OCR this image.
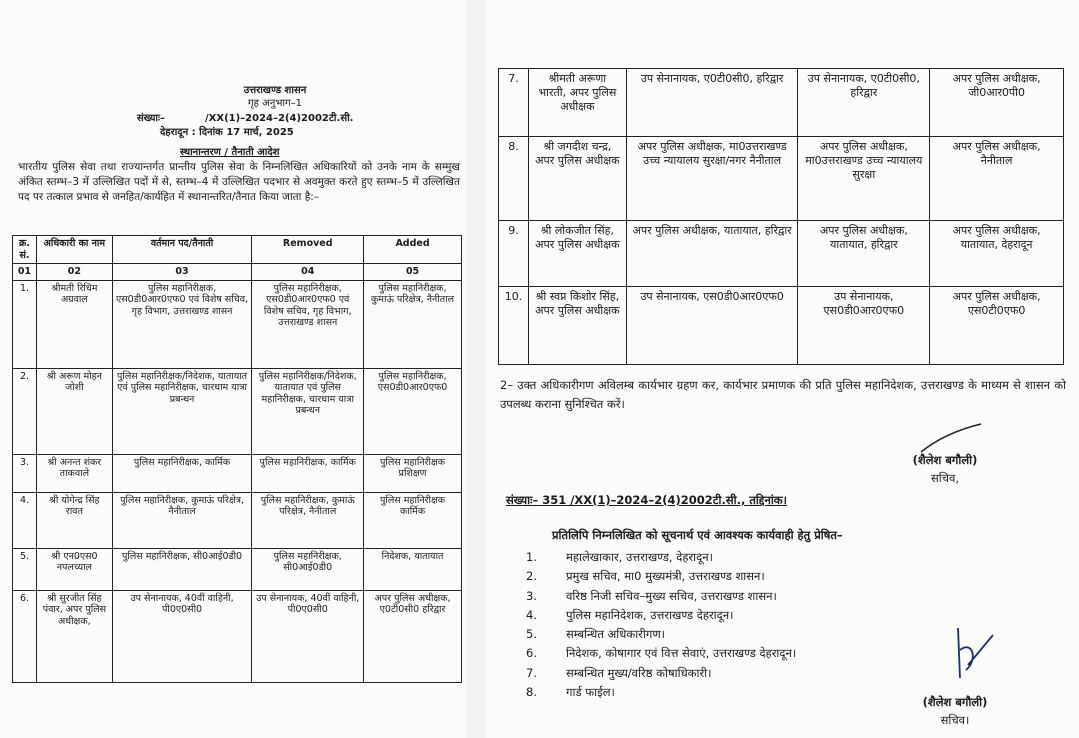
उत्तराखण्ड शासन
गृह अनुभाग–1
संख्याः–	/XX(1)–2024–2(4)2002टी.सी.
देहरादून : दिनांक 17 मार्च, 2025
स्थानान्तरण / तैनाती आदेश
भारतीय पुलिस सेवा तथा राज्यान्तर्गत प्रान्तीय पुलिस सेवा के निम्नलिखित अधिकारियों को उनके नाम के सम्मुख अंकित स्तम्भ–3 में उल्लिखित पदों में से, स्तम्भ–4 में उल्लिखित पदभार से अवमुक्त करते हुए स्तम्भ–5 में उल्लिखित पद पर तत्काल प्रभाव से जनहित/कार्यहित में स्थानान्तरित/तैनात किया जाता है:–
क्र. सं.	अधिकारी का नाम	वर्तमान पद/तैनाती	Removed	Added
01	02	03	04	05
1.	श्रीमती रिधिम अग्रवाल	पुलिस महानिरीक्षक, एस0डी0आर0एफ0 एवं विशेष सचिव, गृह विभाग, उत्तराखण्ड शासन	पुलिस महानिरीक्षक, एस0डी0आर0एफ0 एवं विशेष सचिव, गृह विभाग, उत्तराखण्ड शासन	पुलिस महानिरीक्षक, कुमाऊं परिक्षेत्र, नैनीताल
2.	श्री अरूण मोहन जोशी	पुलिस महानिरीक्षक/निदेशक, यातायात एवं पुलिस महानिरीक्षक, चारधाम यात्रा प्रबन्धन	पुलिस महानिरीक्षक/निदेशक, यातायात एवं पुलिस महानिरीक्षक, चारधाम यात्रा प्रबन्धन	पुलिस महानिरीक्षक, एस0डी0आर0एफ0
3.	श्री अनन्त शंकर ताकवाले	पुलिस महानिरीक्षक, कार्मिक	पुलिस महानिरीक्षक, कार्मिक	पुलिस महानिरीक्षक प्रशिक्षण
4.	श्री योगेन्द्र सिंह रावत	पुलिस महानिरीक्षक, कुमाऊं परिक्षेत्र, नैनीताल	पुलिस महानिरीक्षक, कुमाऊं परिक्षेत्र, नैनीताल	पुलिस महानिरीक्षक कार्मिक
5.	श्री एन0एस0 नपलच्याल	पुलिस महानिरीक्षक, सी0आई0डी0	पुलिस महानिरीक्षक, सी0आई0डी0	निदेशक, यातायात
6.	श्री सुरजीत सिंह पंवार, अपर पुलिस अधीक्षक,	उप सेनानायक, 40वीं वाहिनी, पी0ए0सी0	उप सेनानायक, 40वीं वाहिनी, पी0ए0सी0	अपर पुलिस अधीक्षक, ए0टी0सी0 हरिद्वार
7.	श्रीमती अरूणा भारती, अपर पुलिस अधीक्षक	उप सेनानायक, ए0टी0सी0, हरिद्वार	उप सेनानायक, ए0टी0सी0, हरिद्वार	अपर पुलिस अधीक्षक, जी0आर0पी0
8.	श्री जगदीश चन्द्र, अपर पुलिस अधीक्षक	अपर पुलिस अधीक्षक, मा0उत्तराखण्ड उच्च न्यायालय सुरक्षा/नगर नैनीताल	अपर पुलिस अधीक्षक, मा0उत्तराखण्ड उच्च न्यायालय सुरक्षा	अपर पुलिस अधीक्षक, नैनीताल
9.	श्री लोकजीत सिंह, अपर पुलिस अधीक्षक	अपर पुलिस अधीक्षक, यातायात, हरिद्वार	अपर पुलिस अधीक्षक, यातायात, हरिद्वार	अपर पुलिस अधीक्षक, यातायात, देहरादून
10.	श्री स्वप्न किशोर सिंह, अपर पुलिस अधीक्षक	उप सेनानायक, एस0डी0आर0एफ0	उप सेनानायक, एस0डी0आर0एफ0	अपर पुलिस अधीक्षक, एस0टी0एफ0
2– उक्त अधिकारीगण अविलम्ब कार्यभार ग्रहण कर, कार्यभार प्रमाणक की प्रति पुलिस महानिदेशक, उत्तराखण्ड के माध्यम से शासन को उपलब्ध कराना सुनिश्चित करें।
(शैलेश बगौली)
सचिव,
संख्याः– 351 /XX(1)–2024–2(4)2002टी.सी., तद्दिनांक।
प्रतिलिपि निम्नलिखित को सूचनार्थ एवं आवश्यक कार्यवाही हेतु प्रेषित–
1.	महालेखाकार, उत्तराखण्ड, देहरादून।
2.	प्रमुख सचिव, मा0 मुख्यमंत्री, उत्तराखण्ड शासन।
3.	वरिष्ठ निजी सचिव–मुख्य सचिव, उत्तराखण्ड शासन।
4.	पुलिस महानिदेशक, उत्तराखण्ड देहरादून।
5.	सम्बन्धित अधिकारीगण।
6.	निदेशक, कोषागार एवं वित्त सेवाएं, उत्तराखण्ड देहरादून।
7.	सम्बन्धित मुख्य/वरिष्ठ कोषाधिकारी।
8.	गार्ड फाईल।
(शैलेश बगौली)
सचिव।
